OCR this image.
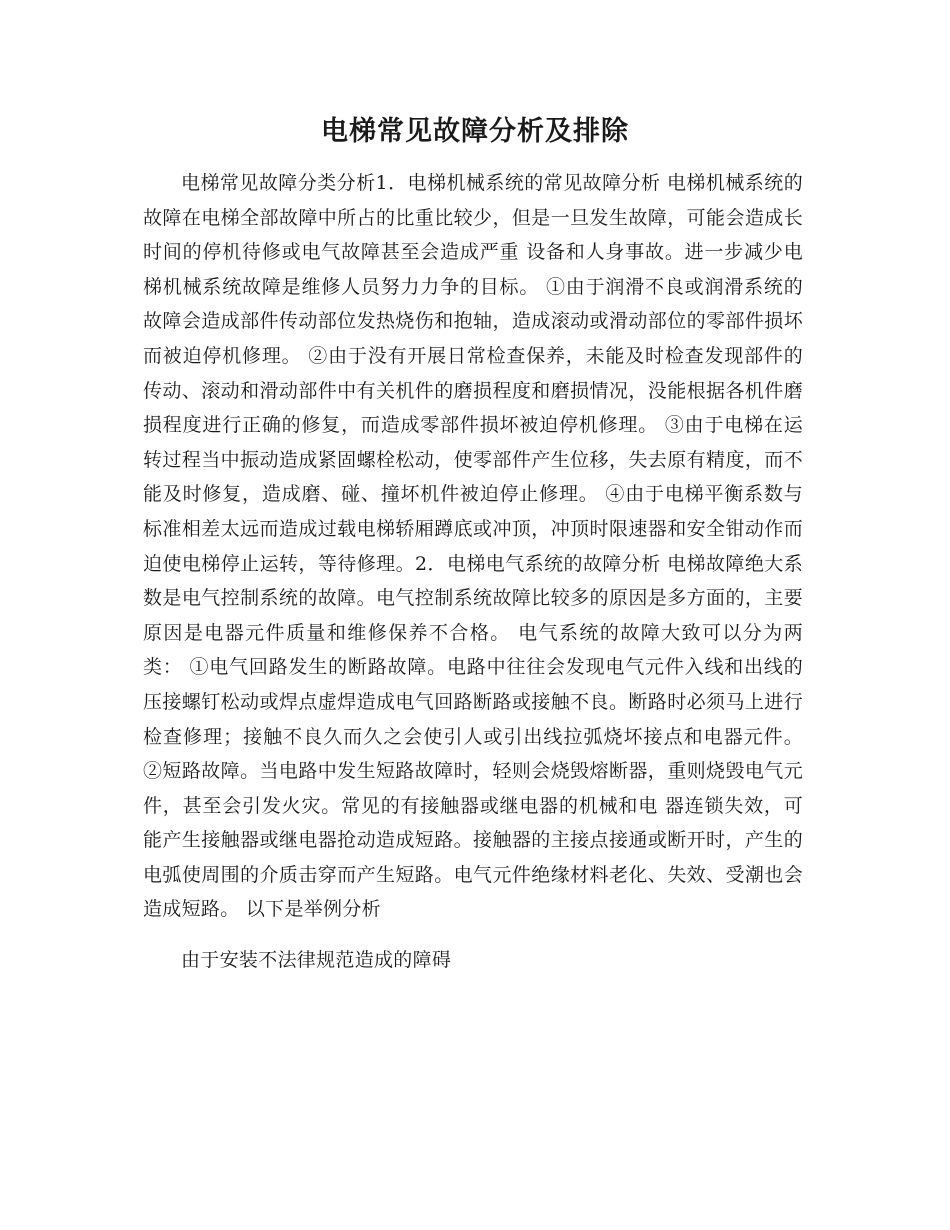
电梯常见故障分析及排除

电梯常见故障分类分析1．电梯机械系统的常见故障分析 电梯机械系统的故障在电梯全部故障中所占的比重比较少，但是一旦发生故障，可能会造成长时间的停机待修或电气故障甚至会造成严重 设备和人身事故。进一步减少电梯机械系统故障是维修人员努力力争的目标。 ①由于润滑不良或润滑系统的故障会造成部件传动部位发热烧伤和抱轴，造成滚动或滑动部位的零部件损坏而被迫停机修理。 ②由于没有开展日常检查保养，未能及时检查发现部件的传动、滚动和滑动部件中有关机件的磨损程度和磨损情况，没能根据各机件磨损程度进行正确的修复，而造成零部件损坏被迫停机修理。 ③由于电梯在运转过程当中振动造成紧固螺栓松动，使零部件产生位移，失去原有精度，而不能及时修复，造成磨、碰、撞坏机件被迫停止修理。 ④由于电梯平衡系数与标准相差太远而造成过载电梯轿厢蹲底或冲顶，冲顶时限速器和安全钳动作而迫使电梯停止运转，等待修理。2．电梯电气系统的故障分析 电梯故障绝大系数是电气控制系统的故障。电气控制系统故障比较多的原因是多方面的，主要原因是电器元件质量和维修保养不合格。 电气系统的故障大致可以分为两类： ①电气回路发生的断路故障。电路中往往会发现电气元件入线和出线的压接螺钉松动或焊点虚焊造成电气回路断路或接触不良。断路时必须马上进行检查修理；接触不良久而久之会使引人或引出线拉弧烧坏接点和电器元件。 ②短路故障。当电路中发生短路故障时，轻则会烧毁熔断器，重则烧毁电气元件，甚至会引发火灾。常见的有接触器或继电器的机械和电 器连锁失效，可能产生接触器或继电器抢动造成短路。接触器的主接点接通或断开时，产生的电弧使周围的介质击穿而产生短路。电气元件绝缘材料老化、失效、受潮也会造成短路。 以下是举例分析

由于安装不法律规范造成的障碍
